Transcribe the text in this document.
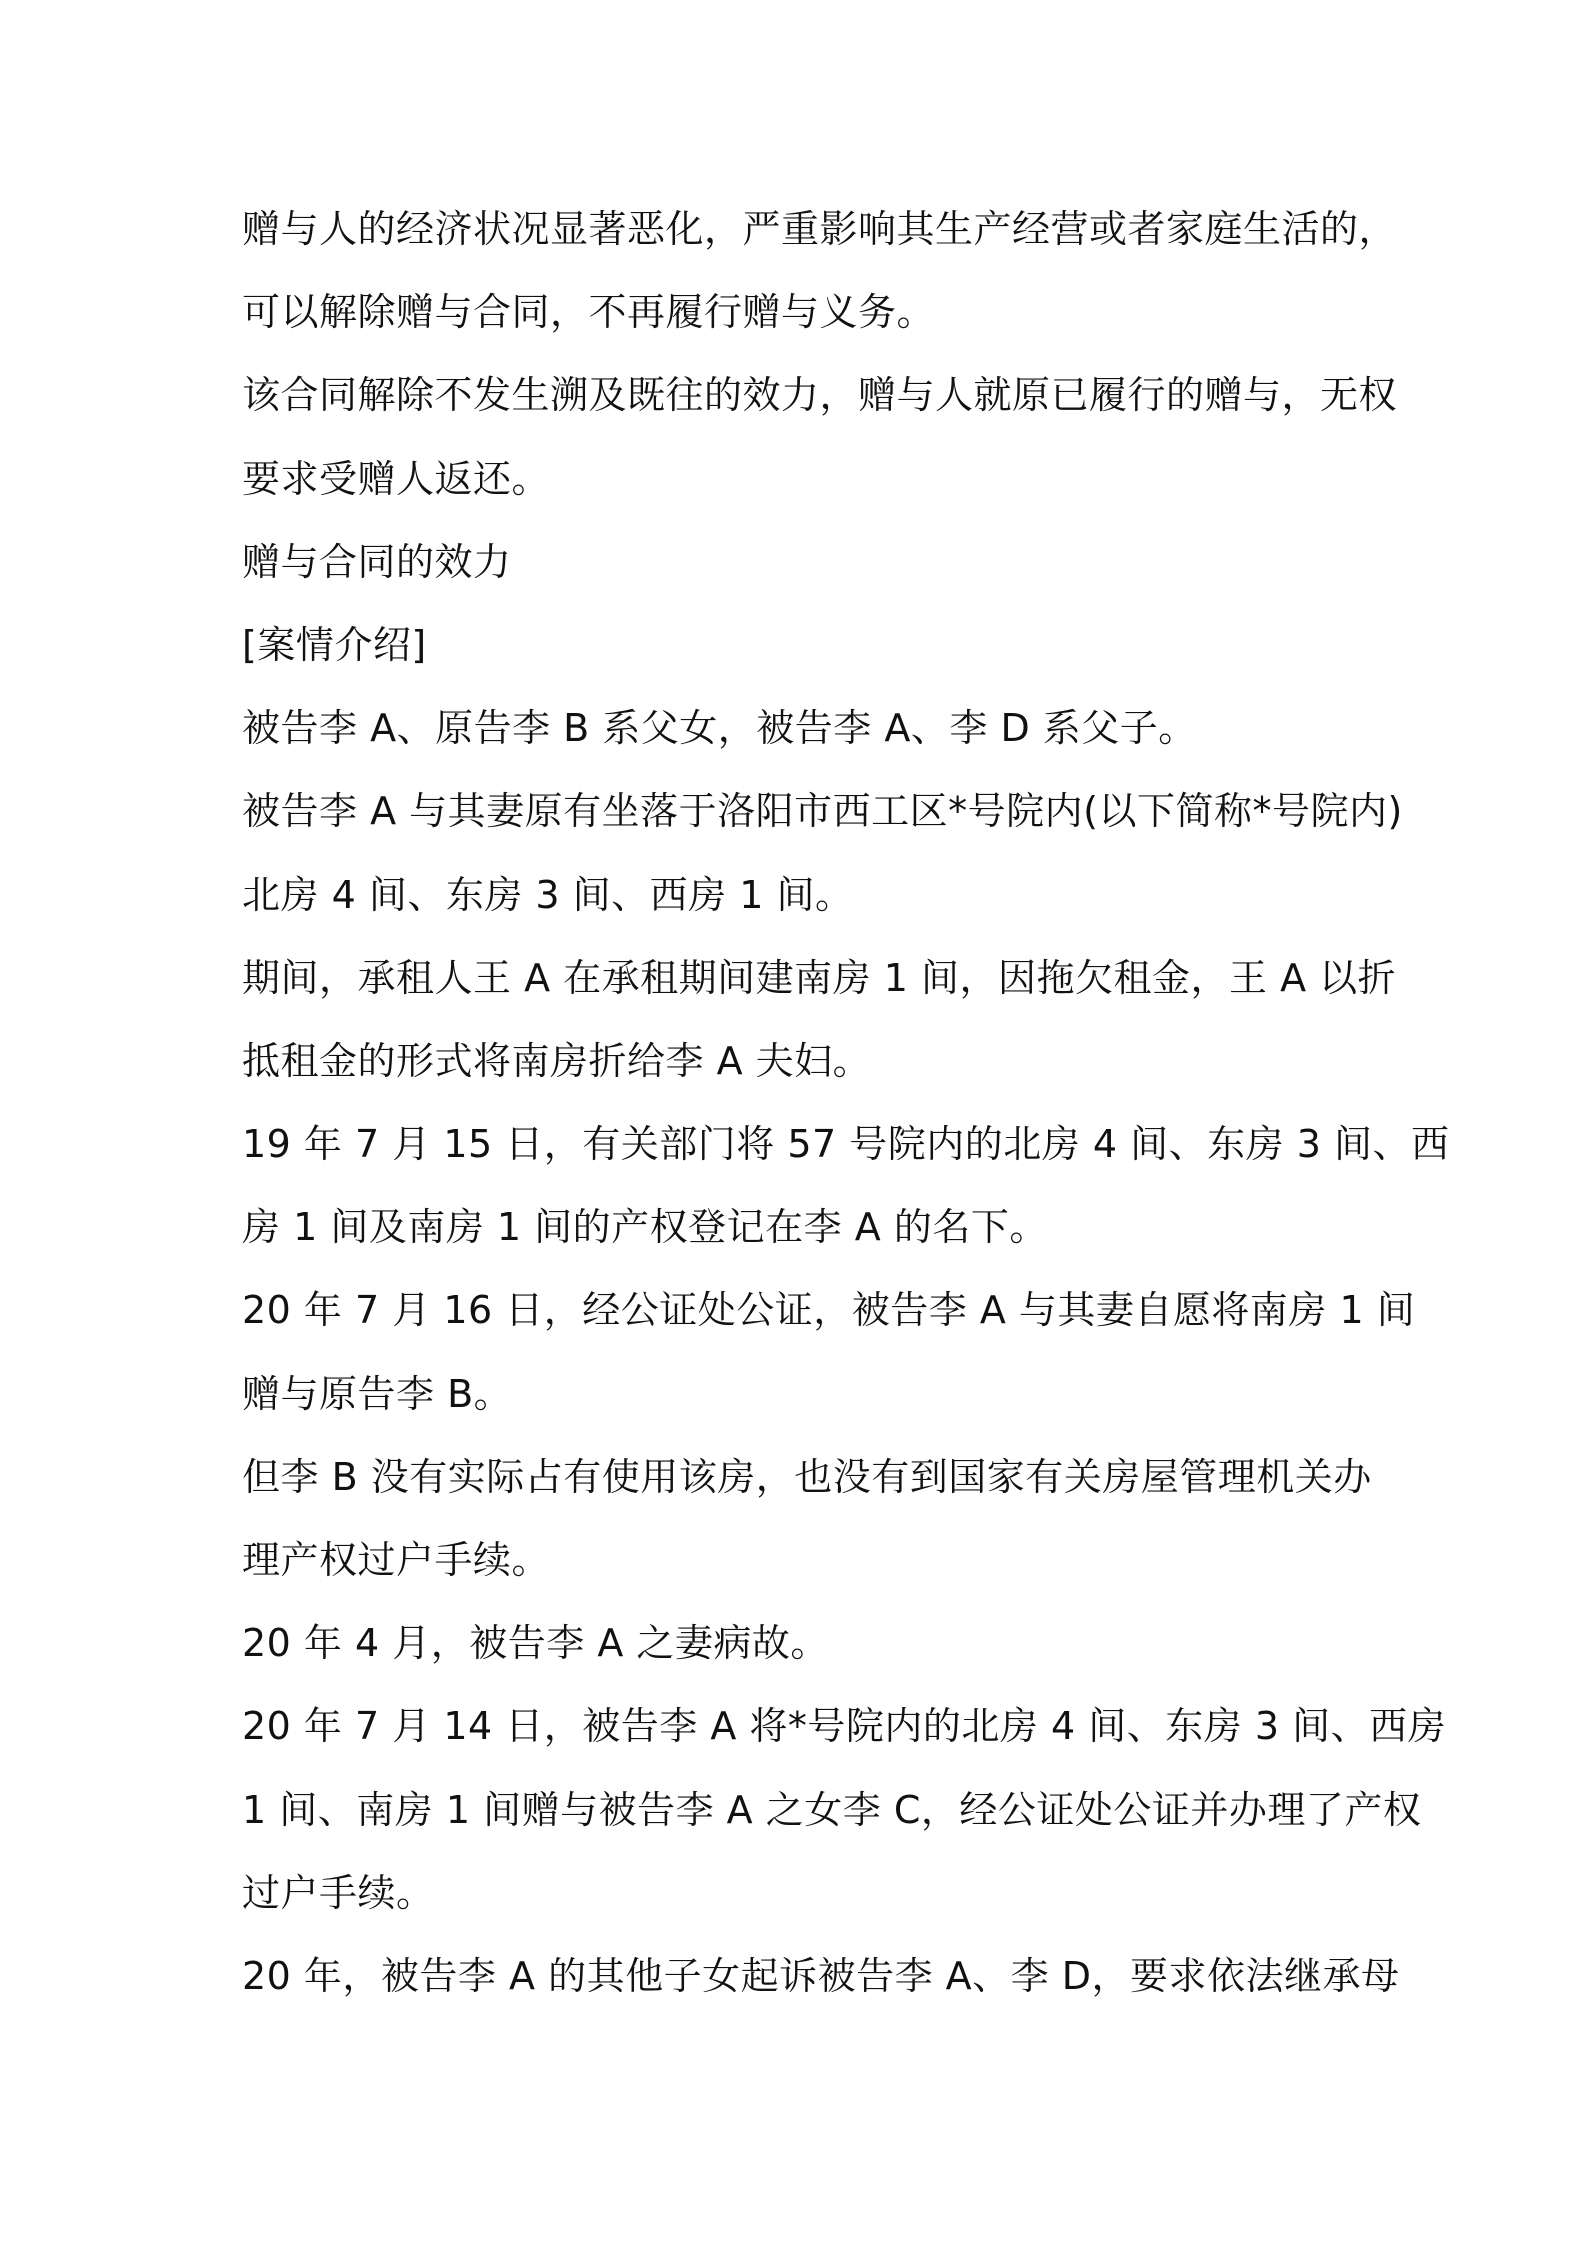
赠与人的经济状况显著恶化，严重影响其生产经营或者家庭生活的，
可以解除赠与合同，不再履行赠与义务。
该合同解除不发生溯及既往的效力，赠与人就原已履行的赠与，无权
要求受赠人返还。
赠与合同的效力
[案情介绍]
被告李 A、原告李 B 系父女，被告李 A、李 D 系父子。
被告李 A 与其妻原有坐落于洛阳市西工区*号院内(以下简称*号院内)
北房 4 间、东房 3 间、西房 1 间。
期间，承租人王 A 在承租期间建南房 1 间，因拖欠租金，王 A 以折
抵租金的形式将南房折给李 A 夫妇。
19 年 7 月 15 日，有关部门将 57 号院内的北房 4 间、东房 3 间、西
房 1 间及南房 1 间的产权登记在李 A 的名下。
20 年 7 月 16 日，经公证处公证，被告李 A 与其妻自愿将南房 1 间
赠与原告李 B。
但李 B 没有实际占有使用该房，也没有到国家有关房屋管理机关办
理产权过户手续。
20 年 4 月，被告李 A 之妻病故。
20 年 7 月 14 日，被告李 A 将*号院内的北房 4 间、东房 3 间、西房
1 间、南房 1 间赠与被告李 A 之女李 C，经公证处公证并办理了产权
过户手续。
20 年，被告李 A 的其他子女起诉被告李 A、李 D，要求依法继承母
